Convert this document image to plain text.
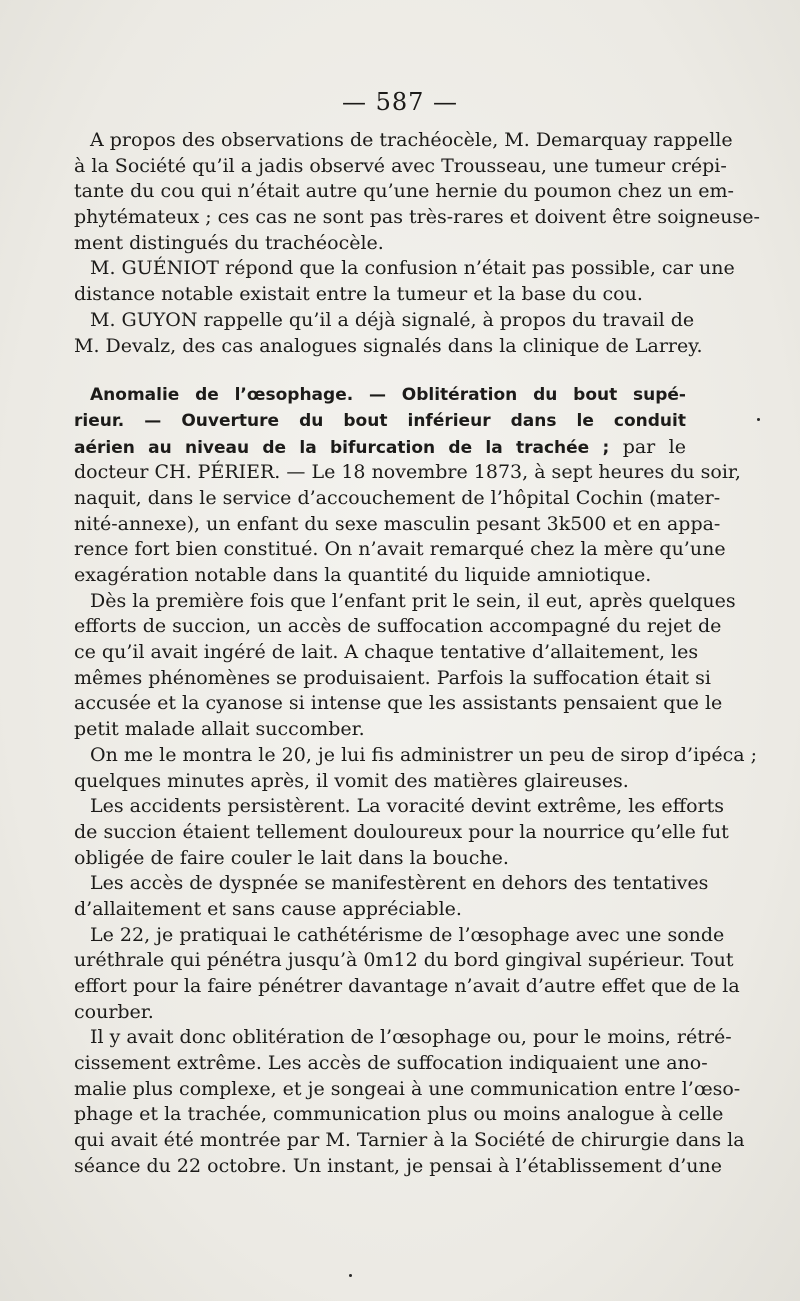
— 587 —
A propos des observations de trachéocèle, M. Demarquay rappelle
à la Société qu’il a jadis observé avec Trousseau, une tumeur crépi-
tante du cou qui n’était autre qu’une hernie du poumon chez un em-
phytémateux ; ces cas ne sont pas très-rares et doivent être soigneuse-
ment distingués du trachéocèle.
M. GUÉNIOT répond que la confusion n’était pas possible, car une
distance notable existait entre la tumeur et la base du cou.
M. GUYON rappelle qu’il a déjà signalé, à propos du travail de
M. Devalz, des cas analogues signalés dans la clinique de Larrey.
Anomalie de l’œsophage. — Oblitération du bout supé-
rieur. — Ouverture du bout inférieur dans le conduit
aérien au niveau de la bifurcation de la trachée ; par le
docteur CH. PÉRIER. — Le 18 novembre 1873, à sept heures du soir,
naquit, dans le service d’accouchement de l’hôpital Cochin (mater-
nité-annexe), un enfant du sexe masculin pesant 3k500 et en appa-
rence fort bien constitué. On n’avait remarqué chez la mère qu’une
exagération notable dans la quantité du liquide amniotique.
Dès la première fois que l’enfant prit le sein, il eut, après quelques
efforts de succion, un accès de suffocation accompagné du rejet de
ce qu’il avait ingéré de lait. A chaque tentative d’allaitement, les
mêmes phénomènes se produisaient. Parfois la suffocation était si
accusée et la cyanose si intense que les assistants pensaient que le
petit malade allait succomber.
On me le montra le 20, je lui fis administrer un peu de sirop d’ipéca ;
quelques minutes après, il vomit des matières glaireuses.
Les accidents persistèrent. La voracité devint extrême, les efforts
de succion étaient tellement douloureux pour la nourrice qu’elle fut
obligée de faire couler le lait dans la bouche.
Les accès de dyspnée se manifestèrent en dehors des tentatives
d’allaitement et sans cause appréciable.
Le 22, je pratiquai le cathétérisme de l’œsophage avec une sonde
uréthrale qui pénétra jusqu’à 0m12 du bord gingival supérieur. Tout
effort pour la faire pénétrer davantage n’avait d’autre effet que de la
courber.
Il y avait donc oblitération de l’œsophage ou, pour le moins, rétré-
cissement extrême. Les accès de suffocation indiquaient une ano-
malie plus complexe, et je songeai à une communication entre l’œso-
phage et la trachée, communication plus ou moins analogue à celle
qui avait été montrée par M. Tarnier à la Société de chirurgie dans la
séance du 22 octobre. Un instant, je pensai à l’établissement d’une
